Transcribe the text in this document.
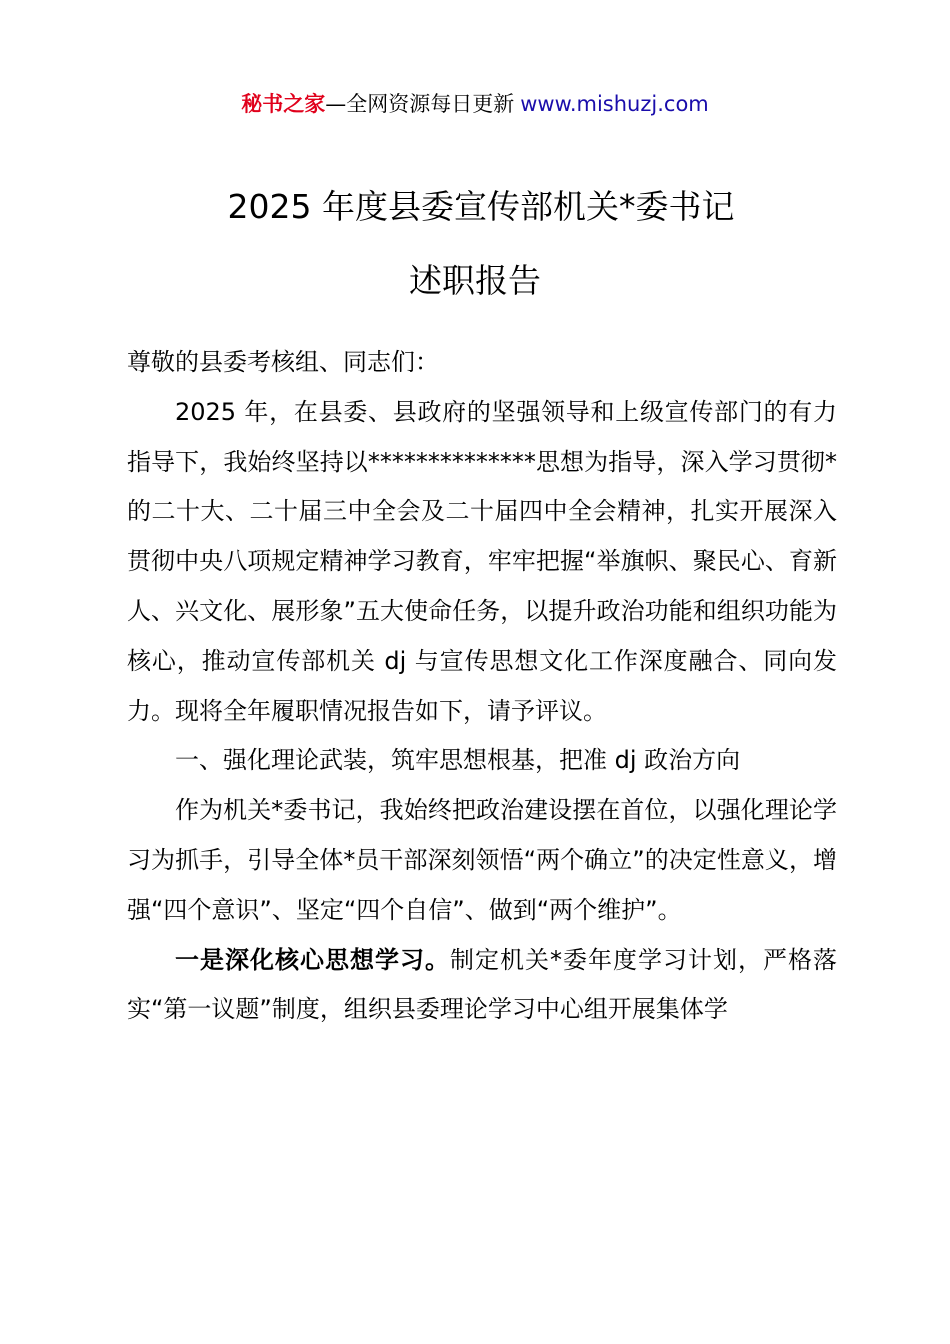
秘书之家—全网资源每日更新 www.mishuzj.com
2025 年度县委宣传部机关*委书记
述职报告

尊敬的县委考核组、同志们：

2025 年，在县委、县政府的坚强领导和上级宣传部门的有力指导下，我始终坚持以**************思想为指导，深入学习贯彻*的二十大、二十届三中全会及二十届四中全会精神，扎实开展深入贯彻中央八项规定精神学习教育，牢牢把握“举旗帜、聚民心、育新人、兴文化、展形象”五大使命任务，以提升政治功能和组织功能为核心，推动宣传部机关 dj 与宣传思想文化工作深度融合、同向发力。现将全年履职情况报告如下，请予评议。

一、强化理论武装，筑牢思想根基，把准 dj 政治方向

作为机关*委书记，我始终把政治建设摆在首位，以强化理论学习为抓手，引导全体*员干部深刻领悟“两个确立”的决定性意义，增强“四个意识”、坚定“四个自信”、做到“两个维护”。

一是深化核心思想学习。制定机关*委年度学习计划，严格落实“第一议题”制度，组织县委理论学习中心组开展集体学
